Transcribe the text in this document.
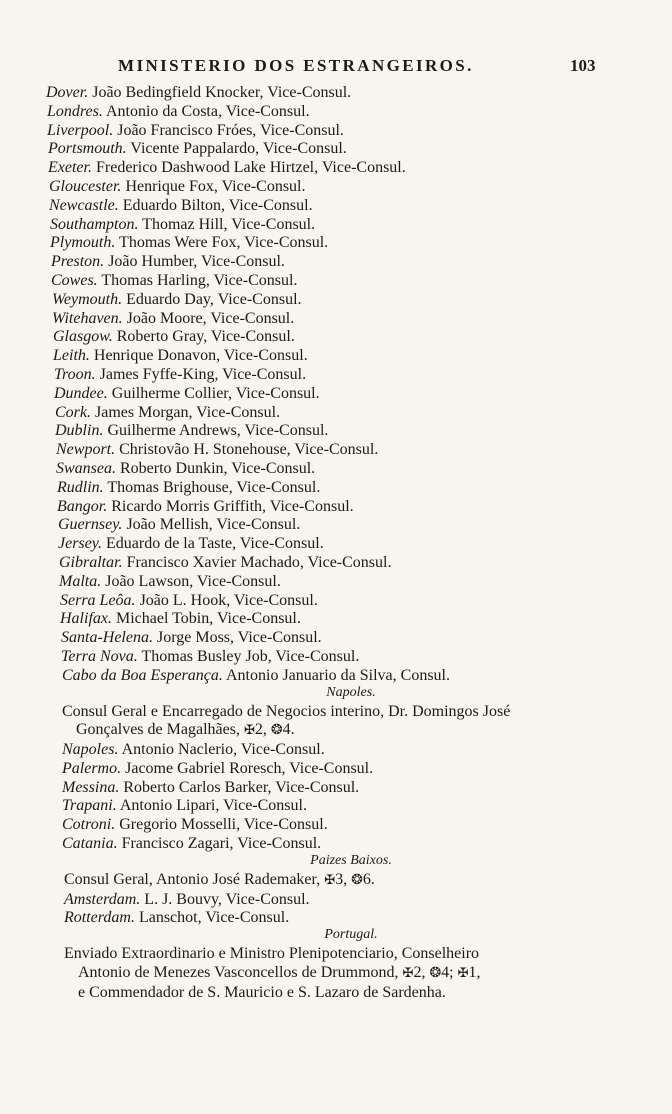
MINISTERIO DOS ESTRANGEIROS.	103
Dover. João Bedingfield Knocker, Vice-Consul.
Londres. Antonio da Costa, Vice-Consul.
Liverpool. João Francisco Fróes, Vice-Consul.
Portsmouth. Vicente Pappalardo, Vice-Consul.
Exeter. Frederico Dashwood Lake Hirtzel, Vice-Consul.
Gloucester. Henrique Fox, Vice-Consul.
Newcastle. Eduardo Bilton, Vice-Consul.
Southampton. Thomaz Hill, Vice-Consul.
Plymouth. Thomas Were Fox, Vice-Consul.
Preston. João Humber, Vice-Consul.
Cowes. Thomas Harling, Vice-Consul.
Weymouth. Eduardo Day, Vice-Consul.
Witehaven. João Moore, Vice-Consul.
Glasgow. Roberto Gray, Vice-Consul.
Leith. Henrique Donavon, Vice-Consul.
Troon. James Fyffe-King, Vice-Consul.
Dundee. Guilherme Collier, Vice-Consul.
Cork. James Morgan, Vice-Consul.
Dublin. Guilherme Andrews, Vice-Consul.
Newport. Christovão H. Stonehouse, Vice-Consul.
Swansea. Roberto Dunkin, Vice-Consul.
Rudlin. Thomas Brighouse, Vice-Consul.
Bangor. Ricardo Morris Griffith, Vice-Consul.
Guernsey. João Mellish, Vice-Consul.
Jersey. Eduardo de la Taste, Vice-Consul.
Gibraltar. Francisco Xavier Machado, Vice-Consul.
Malta. João Lawson, Vice-Consul.
Serra Leôa. João L. Hook, Vice-Consul.
Halifax. Michael Tobin, Vice-Consul.
Santa-Helena. Jorge Moss, Vice-Consul.
Terra Nova. Thomas Busley Job, Vice-Consul.
Cabo da Boa Esperança. Antonio Januario da Silva, Consul.
Napoles.
Consul Geral e Encarregado de Negocios interino, Dr. Domingos José
Gonçalves de Magalhães, ✠2, ❂4.
Napoles. Antonio Naclerio, Vice-Consul.
Palermo. Jacome Gabriel Roresch, Vice-Consul.
Messina. Roberto Carlos Barker, Vice-Consul.
Trapani. Antonio Lipari, Vice-Consul.
Cotroni. Gregorio Mosselli, Vice-Consul.
Catania. Francisco Zagari, Vice-Consul.
Paizes Baixos.
Consul Geral, Antonio José Rademaker, ✠3, ❂6.
Amsterdam. L. J. Bouvy, Vice-Consul.
Rotterdam. Lanschot, Vice-Consul.
Portugal.
Enviado Extraordinario e Ministro Plenipotenciario, Conselheiro
Antonio de Menezes Vasconcellos de Drummond, ✠2, ❂4; ✠1,
e Commendador de S. Mauricio e S. Lazaro de Sardenha.
